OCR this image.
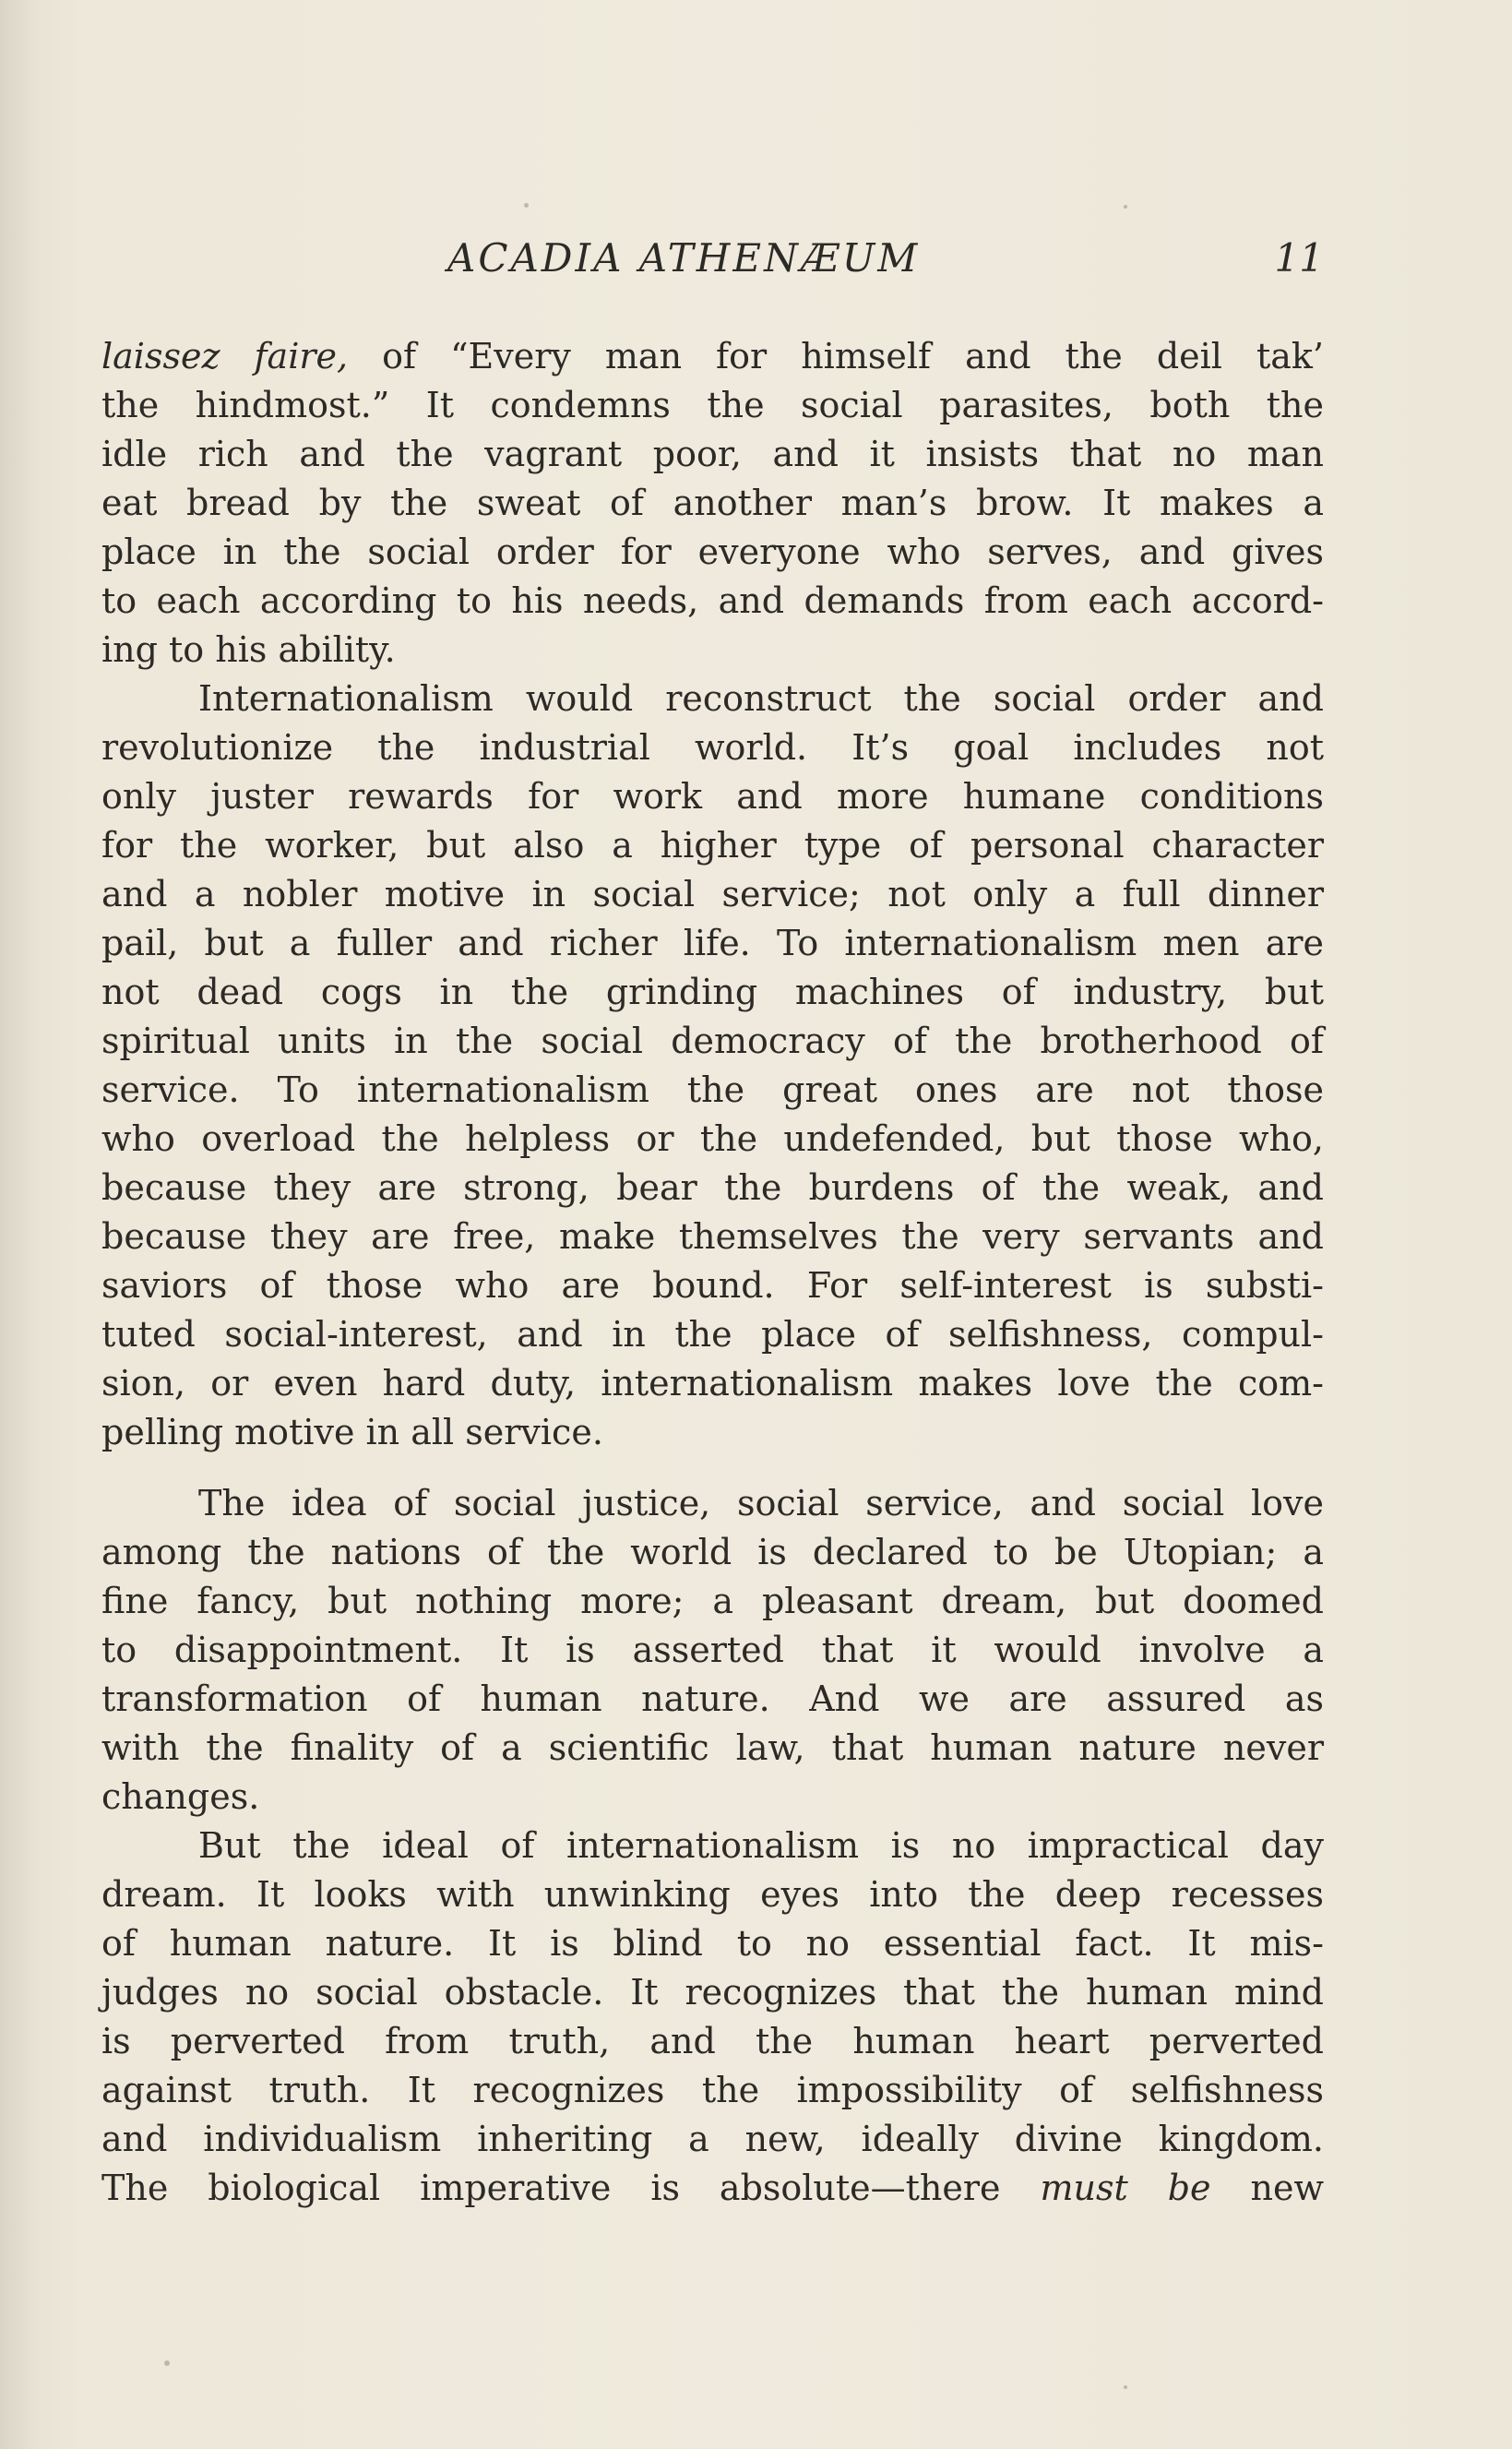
ACADIA ATHENÆUM	11
laissez faire, of “Every man for himself and the deil tak’
the hindmost.” It condemns the social parasites, both the
idle rich and the vagrant poor, and it insists that no man
eat bread by the sweat of another man’s brow. It makes a
place in the social order for everyone who serves, and gives
to each according to his needs, and demands from each accord-
ing to his ability.
Internationalism would reconstruct the social order and
revolutionize the industrial world. It’s goal includes not
only juster rewards for work and more humane conditions
for the worker, but also a higher type of personal character
and a nobler motive in social service; not only a full dinner
pail, but a fuller and richer life. To internationalism men are
not dead cogs in the grinding machines of industry, but
spiritual units in the social democracy of the brotherhood of
service. To internationalism the great ones are not those
who overload the helpless or the undefended, but those who,
because they are strong, bear the burdens of the weak, and
because they are free, make themselves the very servants and
saviors of those who are bound. For self-interest is substi-
tuted social-interest, and in the place of selfishness, compul-
sion, or even hard duty, internationalism makes love the com-
pelling motive in all service.
The idea of social justice, social service, and social love
among the nations of the world is declared to be Utopian; a
fine fancy, but nothing more; a pleasant dream, but doomed
to disappointment. It is asserted that it would involve a
transformation of human nature. And we are assured as
with the finality of a scientific law, that human nature never
changes.
But the ideal of internationalism is no impractical day
dream. It looks with unwinking eyes into the deep recesses
of human nature. It is blind to no essential fact. It mis-
judges no social obstacle. It recognizes that the human mind
is perverted from truth, and the human heart perverted
against truth. It recognizes the impossibility of selfishness
and individualism inheriting a new, ideally divine kingdom.
The biological imperative is absolute—there must be new
